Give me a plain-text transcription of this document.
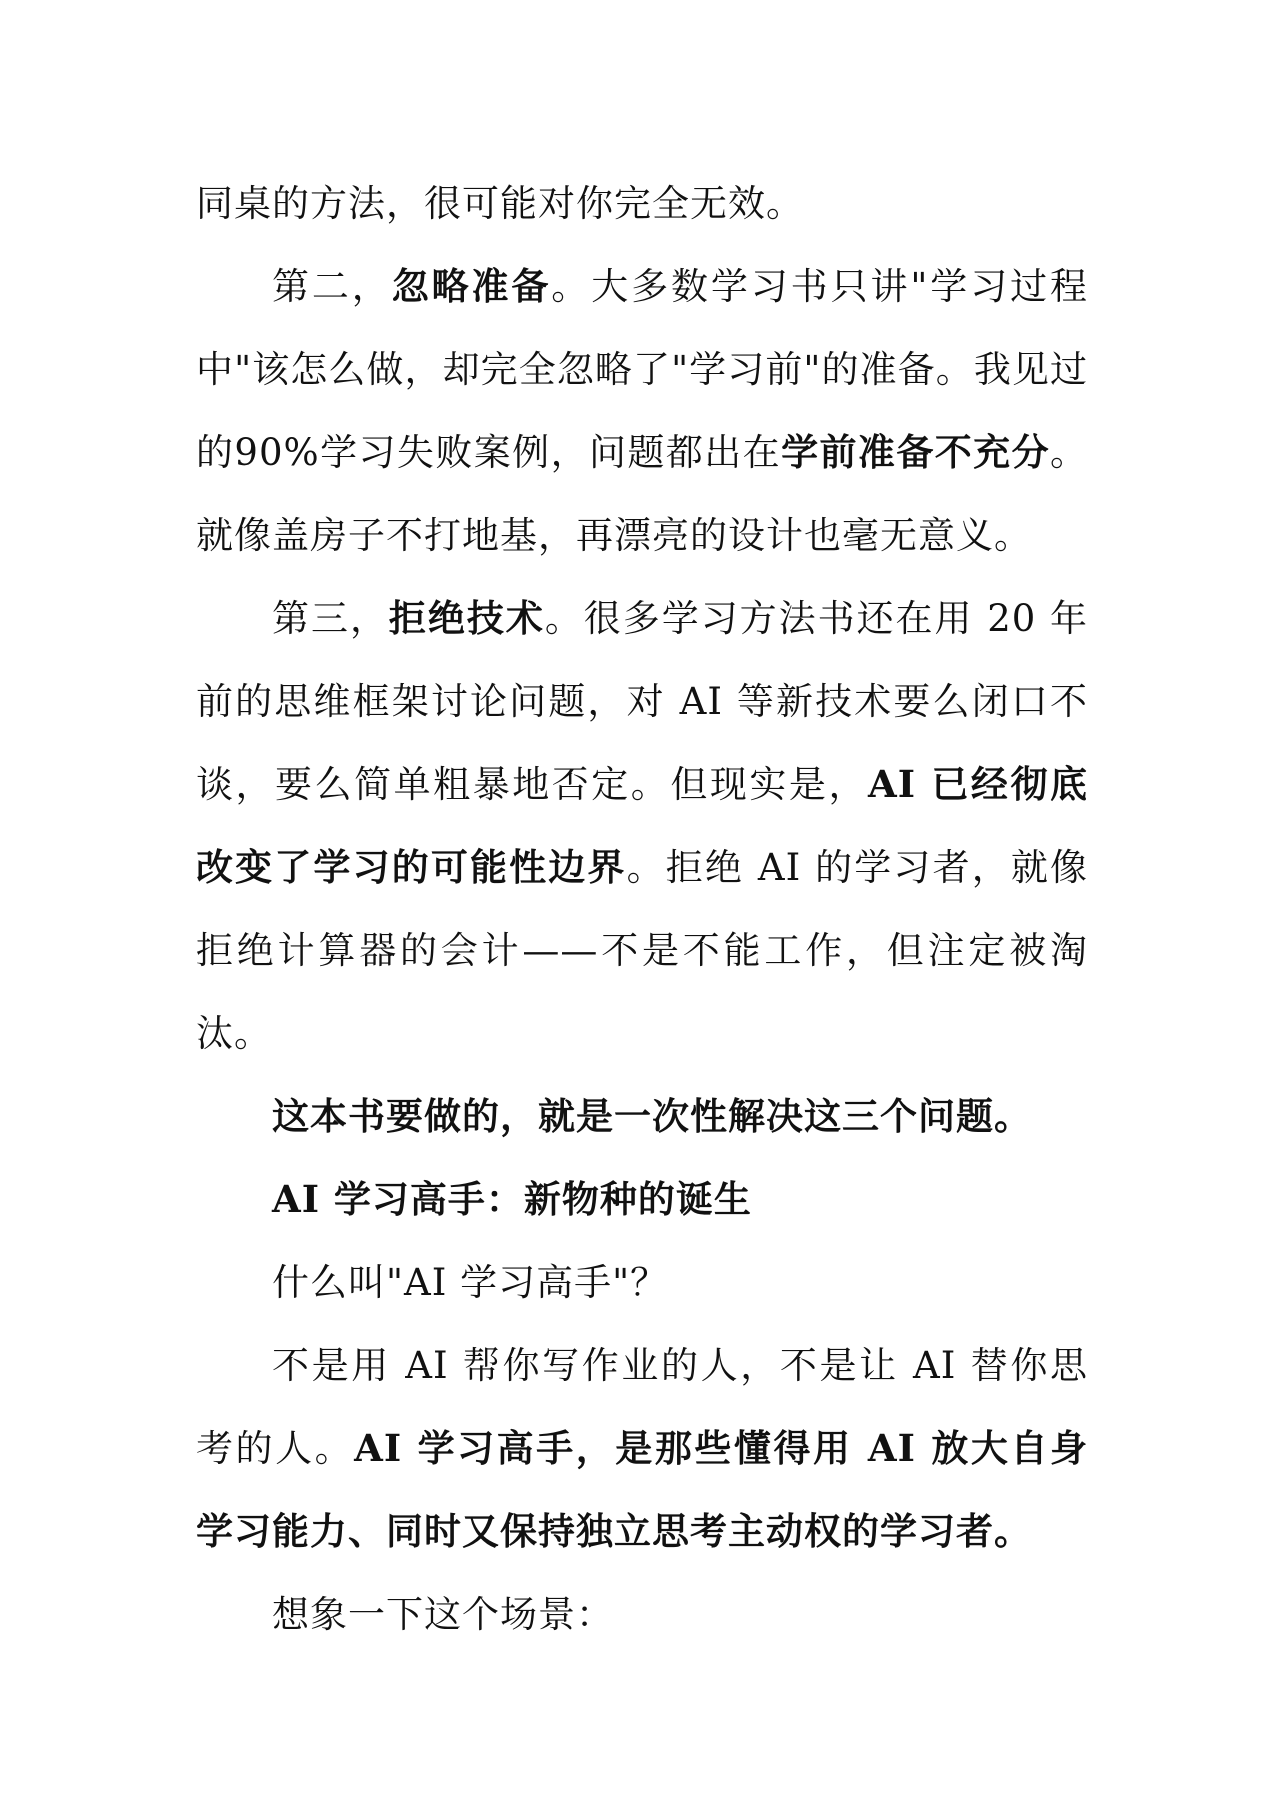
同桌的方法，很可能对你完全无效。

第二，忽略准备。大多数学习书只讲"学习过程中"该怎么做，却完全忽略了"学习前"的准备。我见过的90%学习失败案例，问题都出在学前准备不充分。就像盖房子不打地基，再漂亮的设计也毫无意义。

第三，拒绝技术。很多学习方法书还在用 20 年前的思维框架讨论问题，对 AI 等新技术要么闭口不谈，要么简单粗暴地否定。但现实是，AI 已经彻底改变了学习的可能性边界。拒绝 AI 的学习者，就像拒绝计算器的会计——不是不能工作，但注定被淘汰。

这本书要做的，就是一次性解决这三个问题。

AI 学习高手：新物种的诞生

什么叫"AI 学习高手"？

不是用 AI 帮你写作业的人，不是让 AI 替你思考的人。AI 学习高手，是那些懂得用 AI 放大自身学习能力、同时又保持独立思考主动权的学习者。

想象一下这个场景：
